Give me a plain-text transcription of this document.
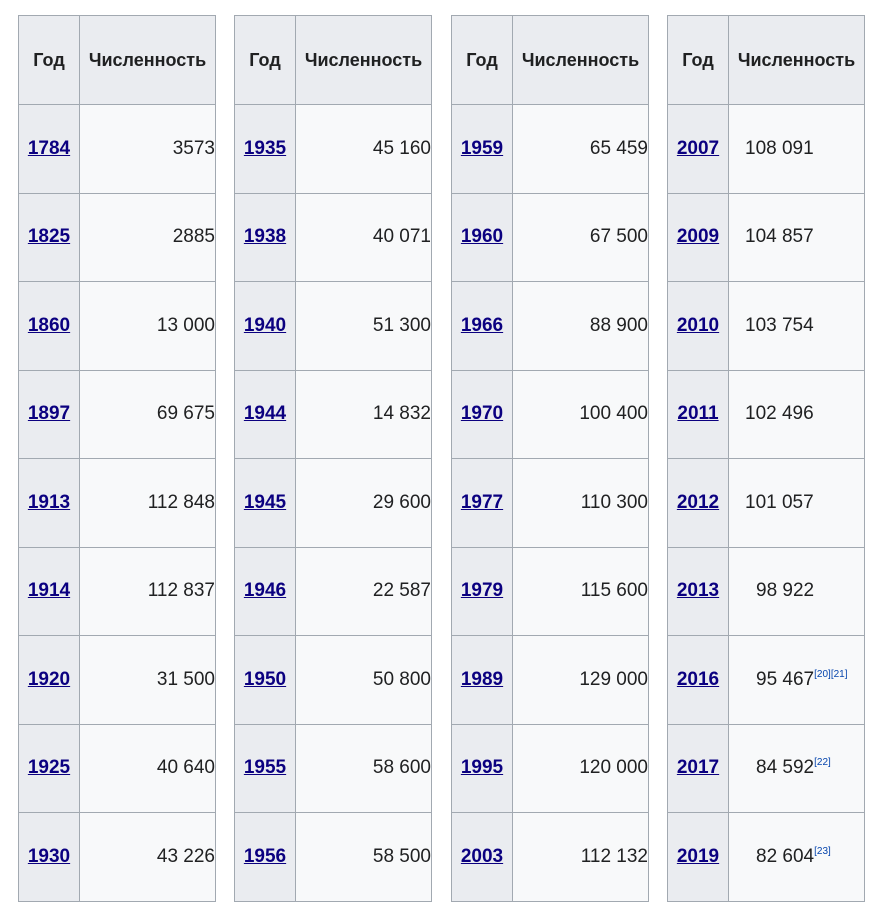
Год	Численность
1784	3573
1825	2885
1860	13 000
1897	69 675
1913	112 848
1914	112 837
1920	31 500
1925	40 640
1930	43 226
Год	Численность
1935	45 160
1938	40 071
1940	51 300
1944	14 832
1945	29 600
1946	22 587
1950	50 800
1955	58 600
1956	58 500
Год	Численность
1959	65 459
1960	67 500
1966	88 900
1970	100 400
1977	110 300
1979	115 600
1989	129 000
1995	120 000
2003	112 132
Год	Численность
2007	108 091
2009	104 857
2010	103 754
2011	102 496
2012	101 057
2013	98 922
2016	95 467[20][21]
2017	84 592[22]
2019	82 604[23]
